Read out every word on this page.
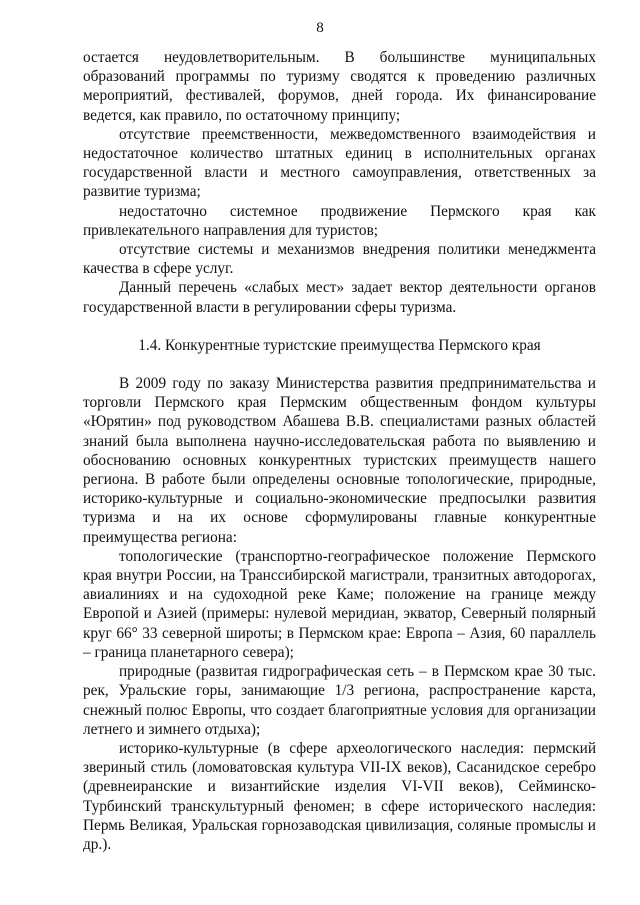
8

остается неудовлетворительным. В большинстве муниципальных образований программы по туризму сводятся к проведению различных мероприятий, фестивалей, форумов, дней города. Их финансирование ведется, как правило, по остаточному принципу;

отсутствие преемственности, межведомственного взаимодействия и недостаточное количество штатных единиц в исполнительных органах государственной власти и местного самоуправления, ответственных за развитие туризма;

недостаточно системное продвижение Пермского края как привлекательного направления для туристов;

отсутствие системы и механизмов внедрения политики менеджмента качества в сфере услуг.

Данный перечень «слабых мест» задает вектор деятельности органов государственной власти в регулировании сферы туризма.

1.4. Конкурентные туристские преимущества Пермского края

В 2009 году по заказу Министерства развития предпринимательства и торговли Пермского края Пермским общественным фондом культуры «Юрятин» под руководством Абашева В.В. специалистами разных областей знаний была выполнена научно-исследовательская работа по выявлению и обоснованию основных конкурентных туристских преимуществ нашего региона. В работе были определены основные топологические, природные, историко-культурные и социально-экономические предпосылки развития туризма и на их основе сформулированы главные конкурентные преимущества региона:

топологические (транспортно-географическое положение Пермского края внутри России, на Транссибирской магистрали, транзитных автодорогах, авиалиниях и на судоходной реке Каме; положение на границе между Европой и Азией (примеры: нулевой меридиан, экватор, Северный полярный круг 66° 33 северной широты; в Пермском крае: Европа – Азия, 60 параллель – граница планетарного севера);

природные (развитая гидрографическая сеть – в Пермском крае 30 тыс. рек, Уральские горы, занимающие 1/3 региона, распространение карста, снежный полюс Европы, что создает благоприятные условия для организации летнего и зимнего отдыха);

историко-культурные (в сфере археологического наследия: пермский звериный стиль (ломоватовская культура VII-IX веков), Сасанидское серебро (древнеиранские и византийские изделия VI-VII веков), Сейминско-Турбинский транскультурный феномен; в сфере исторического наследия: Пермь Великая, Уральская горнозаводская цивилизация, соляные промыслы и др.).
